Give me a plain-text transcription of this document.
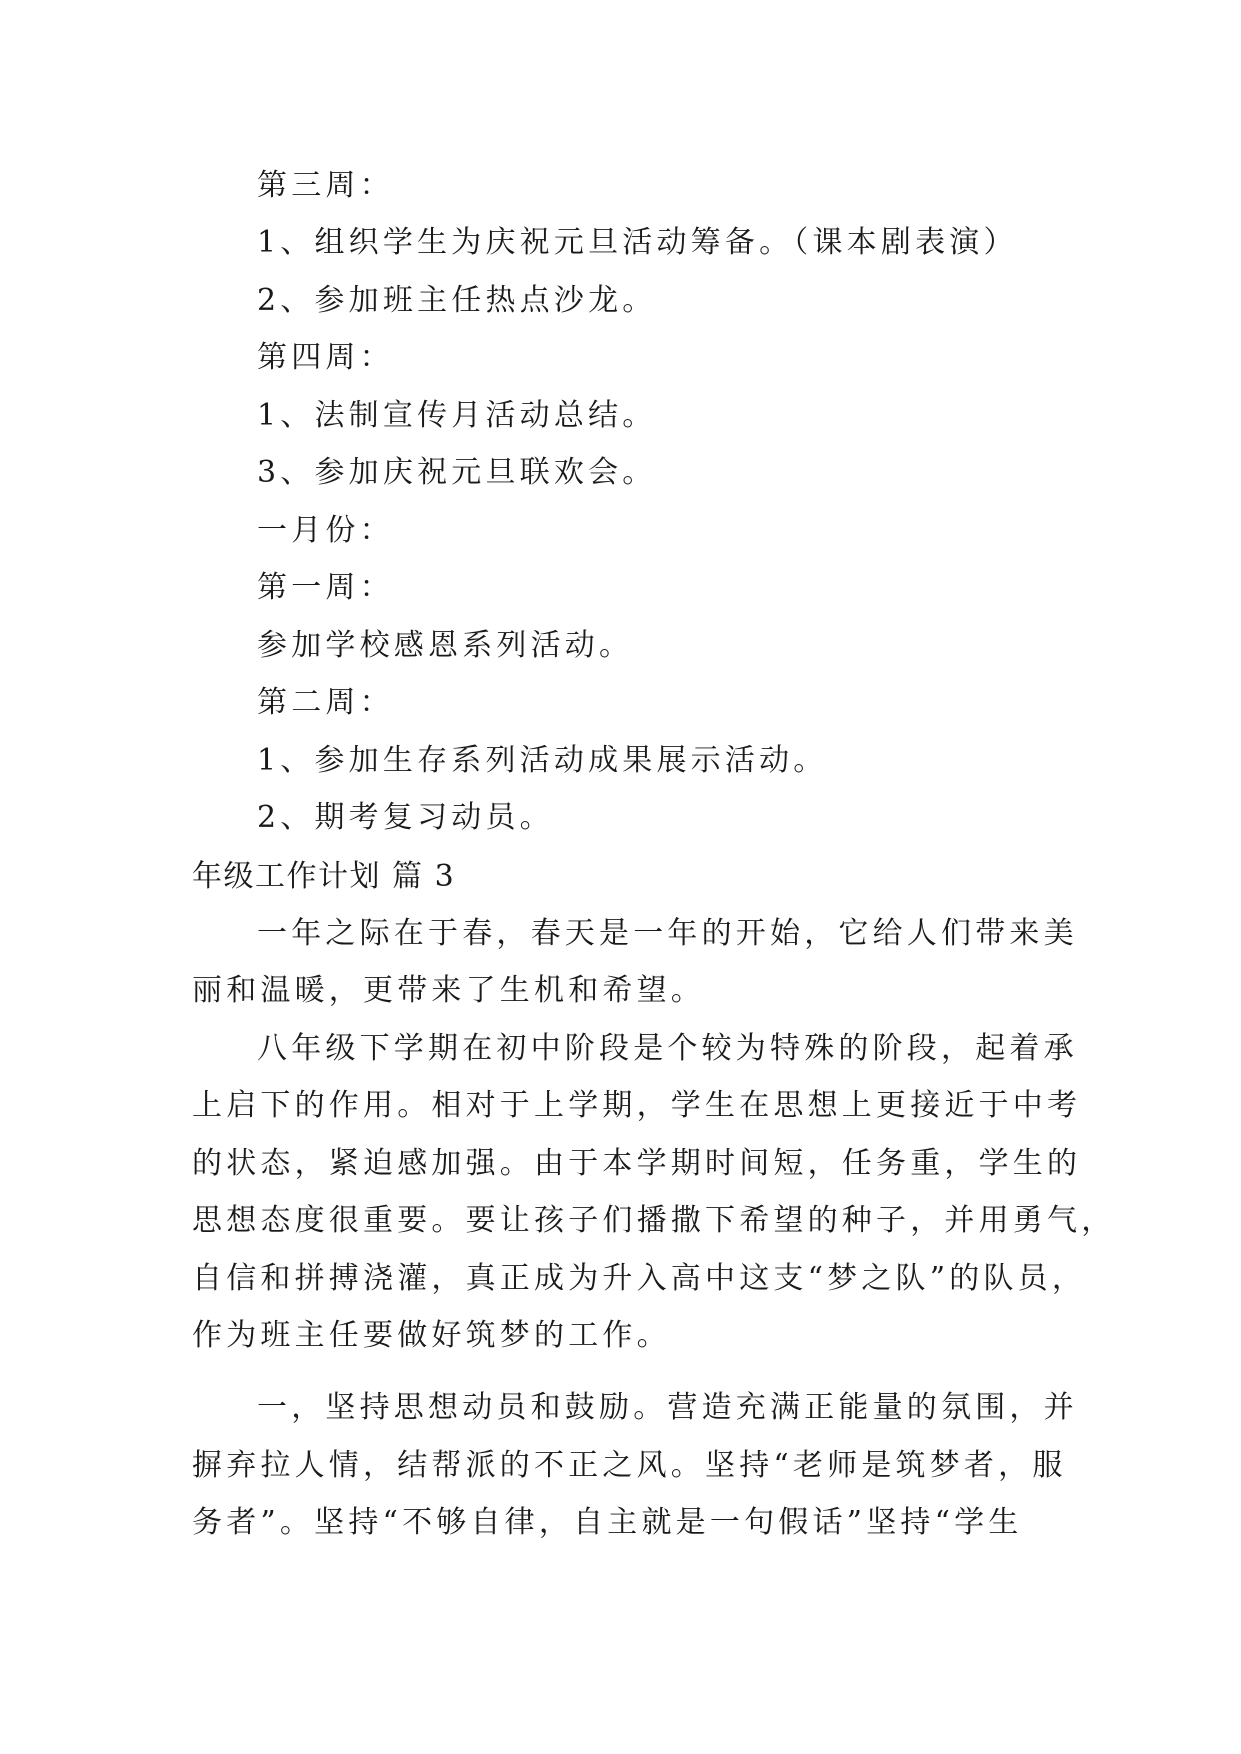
第三周：
1、组织学生为庆祝元旦活动筹备。（课本剧表演）
2、参加班主任热点沙龙。
第四周：
1、法制宣传月活动总结。
3、参加庆祝元旦联欢会。
一月份：
第一周：
参加学校感恩系列活动。
第二周：
1、参加生存系列活动成果展示活动。
2、期考复习动员。
年级工作计划 篇 3
一年之际在于春，春天是一年的开始，它给人们带来美
丽和温暖，更带来了生机和希望。
八年级下学期在初中阶段是个较为特殊的阶段，起着承
上启下的作用。相对于上学期，学生在思想上更接近于中考
的状态，紧迫感加强。由于本学期时间短，任务重，学生的
思想态度很重要。要让孩子们播撒下希望的种子，并用勇气，
自信和拼搏浇灌，真正成为升入高中这支“梦之队”的队员，
作为班主任要做好筑梦的工作。
一，坚持思想动员和鼓励。营造充满正能量的氛围，并
摒弃拉人情，结帮派的不正之风。坚持“老师是筑梦者，服
务者”。坚持“不够自律，自主就是一句假话”坚持“学生
